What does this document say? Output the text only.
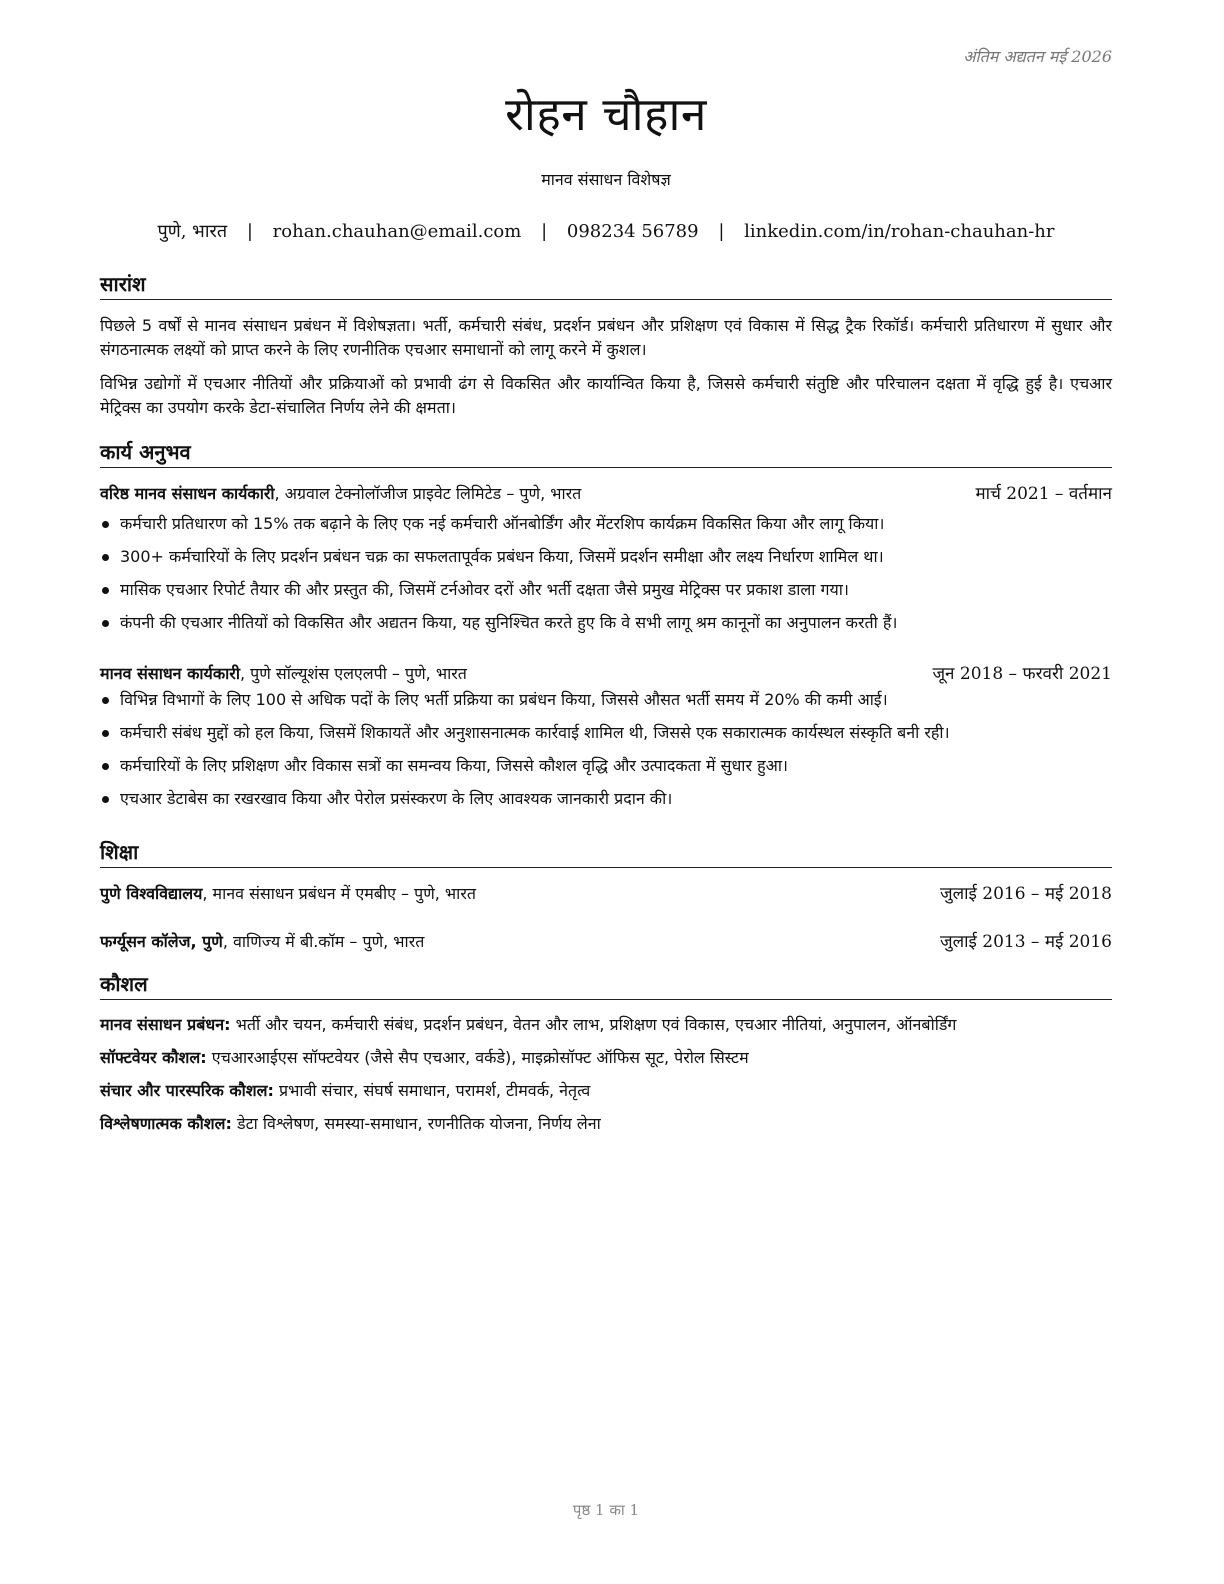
अंतिम अद्यतन मई 2026
रोहन चौहान
मानव संसाधन विशेषज्ञ
पुणे, भारत | rohan.chauhan@email.com | 098234 56789 | linkedin.com/in/rohan-chauhan-hr
सारांश

पिछले 5 वर्षों से मानव संसाधन प्रबंधन में विशेषज्ञता। भर्ती, कर्मचारी संबंध, प्रदर्शन प्रबंधन और प्रशिक्षण एवं विकास में सिद्ध ट्रैक रिकॉर्ड। कर्मचारी प्रतिधारण में सुधार और संगठनात्मक लक्ष्यों को प्राप्त करने के लिए रणनीतिक एचआर समाधानों को लागू करने में कुशल।

विभिन्न उद्योगों में एचआर नीतियों और प्रक्रियाओं को प्रभावी ढंग से विकसित और कार्यान्वित किया है, जिससे कर्मचारी संतुष्टि और परिचालन दक्षता में वृद्धि हुई है। एचआर मेट्रिक्स का उपयोग करके डेटा-संचालित निर्णय लेने की क्षमता।

कार्य अनुभव
वरिष्ठ मानव संसाधन कार्यकारी, अग्रवाल टेक्नोलॉजीज प्राइवेट लिमिटेड – पुणे, भारत	मार्च 2021 – वर्तमान
कर्मचारी प्रतिधारण को 15% तक बढ़ाने के लिए एक नई कर्मचारी ऑनबोर्डिंग और मेंटरशिप कार्यक्रम विकसित किया और लागू किया।
300+ कर्मचारियों के लिए प्रदर्शन प्रबंधन चक्र का सफलतापूर्वक प्रबंधन किया, जिसमें प्रदर्शन समीक्षा और लक्ष्य निर्धारण शामिल था।
मासिक एचआर रिपोर्ट तैयार की और प्रस्तुत की, जिसमें टर्नओवर दरों और भर्ती दक्षता जैसे प्रमुख मेट्रिक्स पर प्रकाश डाला गया।
कंपनी की एचआर नीतियों को विकसित और अद्यतन किया, यह सुनिश्चित करते हुए कि वे सभी लागू श्रम कानूनों का अनुपालन करती हैं।
मानव संसाधन कार्यकारी, पुणे सॉल्यूशंस एलएलपी – पुणे, भारत	जून 2018 – फरवरी 2021
विभिन्न विभागों के लिए 100 से अधिक पदों के लिए भर्ती प्रक्रिया का प्रबंधन किया, जिससे औसत भर्ती समय में 20% की कमी आई।
कर्मचारी संबंध मुद्दों को हल किया, जिसमें शिकायतें और अनुशासनात्मक कार्रवाई शामिल थी, जिससे एक सकारात्मक कार्यस्थल संस्कृति बनी रही।
कर्मचारियों के लिए प्रशिक्षण और विकास सत्रों का समन्वय किया, जिससे कौशल वृद्धि और उत्पादकता में सुधार हुआ।
एचआर डेटाबेस का रखरखाव किया और पेरोल प्रसंस्करण के लिए आवश्यक जानकारी प्रदान की।
शिक्षा
पुणे विश्वविद्यालय, मानव संसाधन प्रबंधन में एमबीए – पुणे, भारत	जुलाई 2016 – मई 2018
फर्ग्यूसन कॉलेज, पुणे, वाणिज्य में बी.कॉम – पुणे, भारत	जुलाई 2013 – मई 2016
कौशल
मानव संसाधन प्रबंधन: भर्ती और चयन, कर्मचारी संबंध, प्रदर्शन प्रबंधन, वेतन और लाभ, प्रशिक्षण एवं विकास, एचआर नीतियां, अनुपालन, ऑनबोर्डिंग
सॉफ्टवेयर कौशल: एचआरआईएस सॉफ्टवेयर (जैसे सैप एचआर, वर्कडे), माइक्रोसॉफ्ट ऑफिस सूट, पेरोल सिस्टम
संचार और पारस्परिक कौशल: प्रभावी संचार, संघर्ष समाधान, परामर्श, टीमवर्क, नेतृत्व
विश्लेषणात्मक कौशल: डेटा विश्लेषण, समस्या-समाधान, रणनीतिक योजना, निर्णय लेना
पृष्ठ 1 का 1
